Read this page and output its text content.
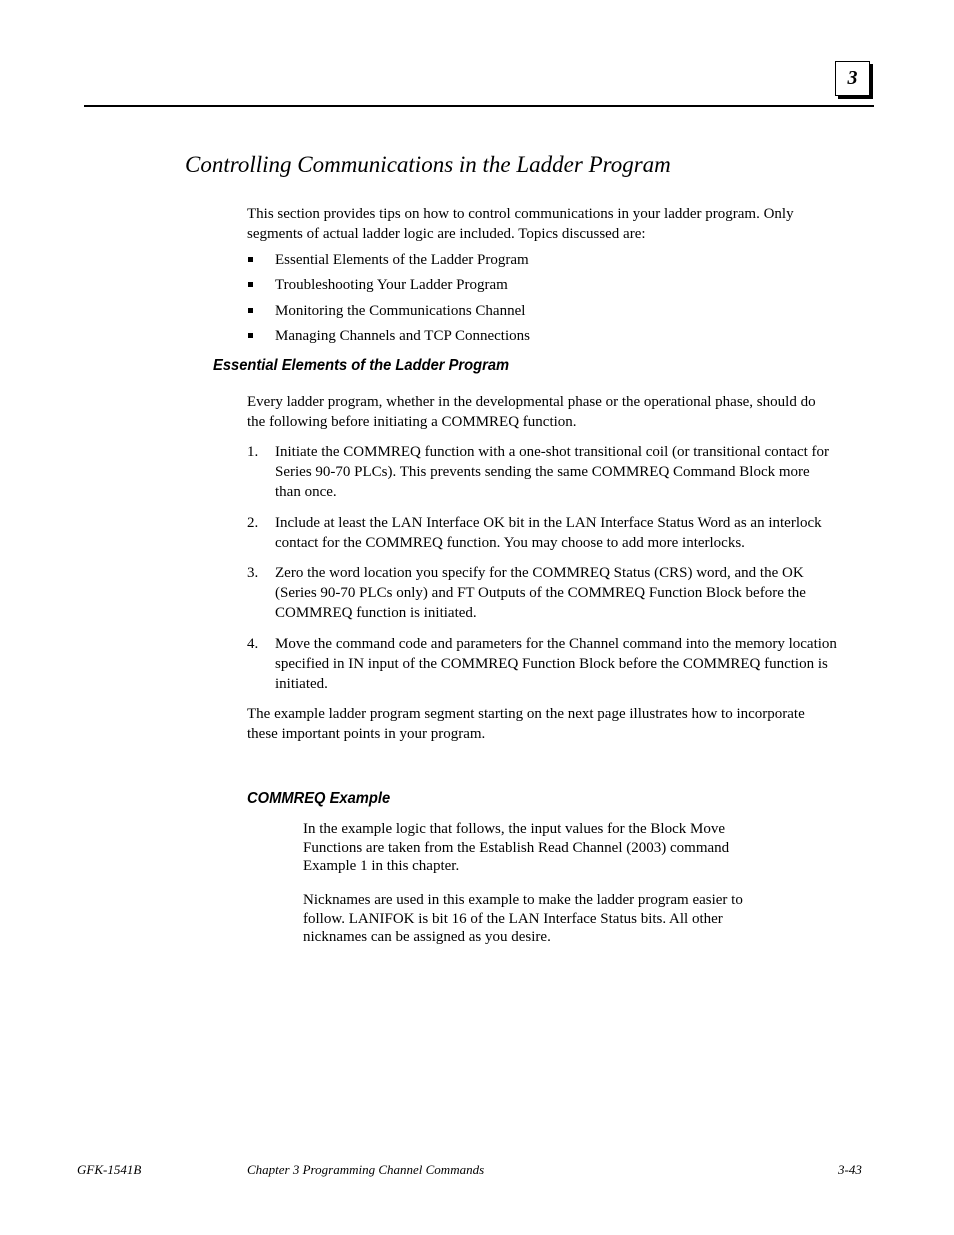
3
Controlling Communications in the Ladder Program

This section provides tips on how to control communications in your ladder program. Only
segments of actual ladder logic are included. Topics discussed are:

Essential Elements of the Ladder Program
Troubleshooting Your Ladder Program
Monitoring the Communications Channel
Managing Channels and TCP Connections
Essential Elements of the Ladder Program

Every ladder program, whether in the developmental phase or the operational phase, should do
the following before initiating a COMMREQ function.

1. Initiate the COMMREQ function with a one-shot transitional coil (or transitional contact for
Series 90-70 PLCs). This prevents sending the same COMMREQ Command Block more
than once.
2. Include at least the LAN Interface OK bit in the LAN Interface Status Word as an interlock
contact for the COMMREQ function. You may choose to add more interlocks.
3. Zero the word location you specify for the COMMREQ Status (CRS) word, and the OK
(Series 90-70 PLCs only) and FT Outputs of the COMMREQ Function Block before the
COMMREQ function is initiated.
4. Move the command code and parameters for the Channel command into the memory location
specified in IN input of the COMMREQ Function Block before the COMMREQ function is
initiated.

The example ladder program segment starting on the next page illustrates how to incorporate
these important points in your program.

COMMREQ Example

In the example logic that follows, the input values for the Block Move
Functions are taken from the Establish Read Channel (2003) command
Example 1 in this chapter.

Nicknames are used in this example to make the ladder program easier to
follow. LANIFOK is bit 16 of the LAN Interface Status bits. All other
nicknames can be assigned as you desire.

GFK-1541B	Chapter 3 Programming Channel Commands	3-43
